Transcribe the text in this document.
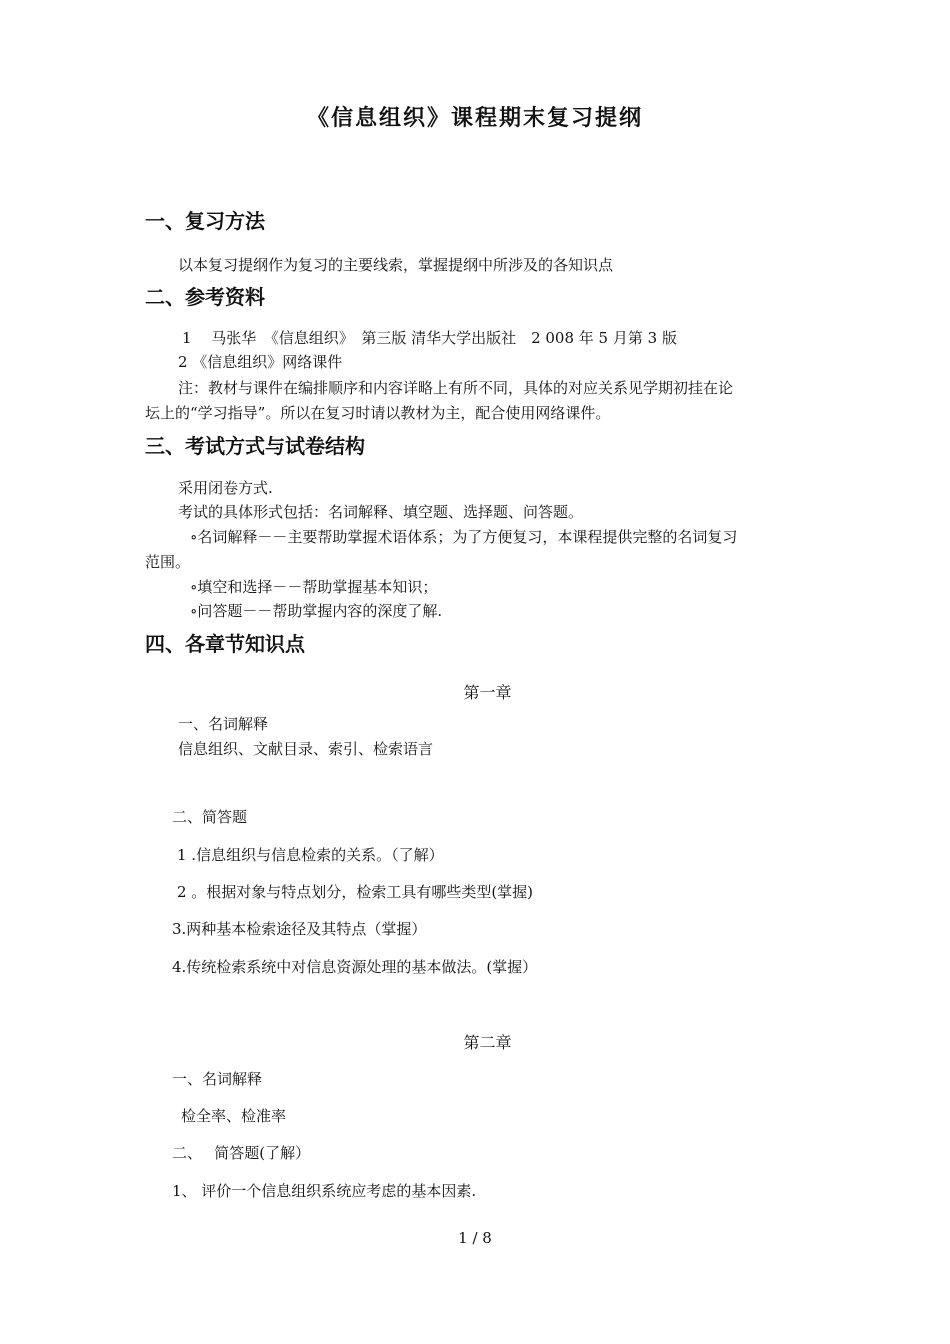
《信息组织》课程期末复习提纲
一、复习方法
以本复习提纲作为复习的主要线索，掌握提纲中所涉及的各知识点
二、参考资料
1　 马张华　《信息组织》　第三版 清华大学出版社　2 008 年 5 月第 3 版
2 《信息组织》网络课件
注：教材与课件在编排顺序和内容详略上有所不同，具体的对应关系见学期初挂在论
坛上的“学习指导”。所以在复习时请以教材为主，配合使用网络课件。
三、考试方式与试卷结构
采用闭卷方式.
考试的具体形式包括：名词解释、填空题、选择题、问答题。
∘名词解释－－主要帮助掌握术语体系；为了方便复习，本课程提供完整的名词复习
范围。
∘填空和选择－－帮助掌握基本知识；
∘问答题－－帮助掌握内容的深度了解.
四、各章节知识点
第一章
一、名词解释
信息组织、文献目录、索引、检索语言
二、简答题
1 .信息组织与信息检索的关系。（了解）
2 。根据对象与特点划分，检索工具有哪些类型(掌握)
3.两种基本检索途径及其特点（掌握）
4.传统检索系统中对信息资源处理的基本做法。(掌握）
第二章
一、名词解释
检全率、检准率
二、　 简答题(了解）
1、 评价一个信息组织系统应考虑的基本因素.
1 / 8
